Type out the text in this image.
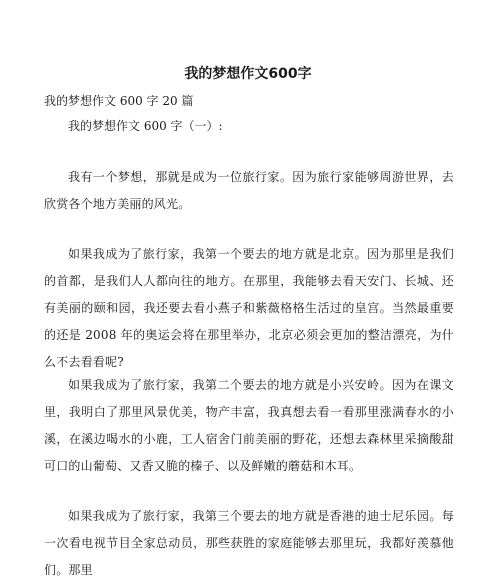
我的梦想作文600字

我的梦想作文 600 字 20 篇

我的梦想作文 600 字（一）:

我有一个梦想，那就是成为一位旅行家。因为旅行家能够周游世界，去欣赏各个地方美丽的风光。

如果我成为了旅行家，我第一个要去的地方就是北京。因为那里是我们的首都，是我们人人都向往的地方。在那里，我能够去看天安门、长城、还有美丽的颐和园，我还要去看小燕子和紫薇格格生活过的皇宫。当然最重要的还是 2008 年的奥运会将在那里举办，北京必须会更加的整洁漂亮，为什么不去看看呢?

如果我成为了旅行家，我第二个要去的地方就是小兴安岭。因为在课文里，我明白了那里风景优美，物产丰富，我真想去看一看那里涨满春水的小溪，在溪边喝水的小鹿，工人宿舍门前美丽的野花，还想去森林里采摘酸甜可口的山葡萄、又香又脆的榛子、以及鲜嫩的蘑菇和木耳。

如果我成为了旅行家，我第三个要去的地方就是香港的迪士尼乐园。每一次看电视节目全家总动员，那些获胜的家庭能够去那里玩，我都好羡慕他们。那里
